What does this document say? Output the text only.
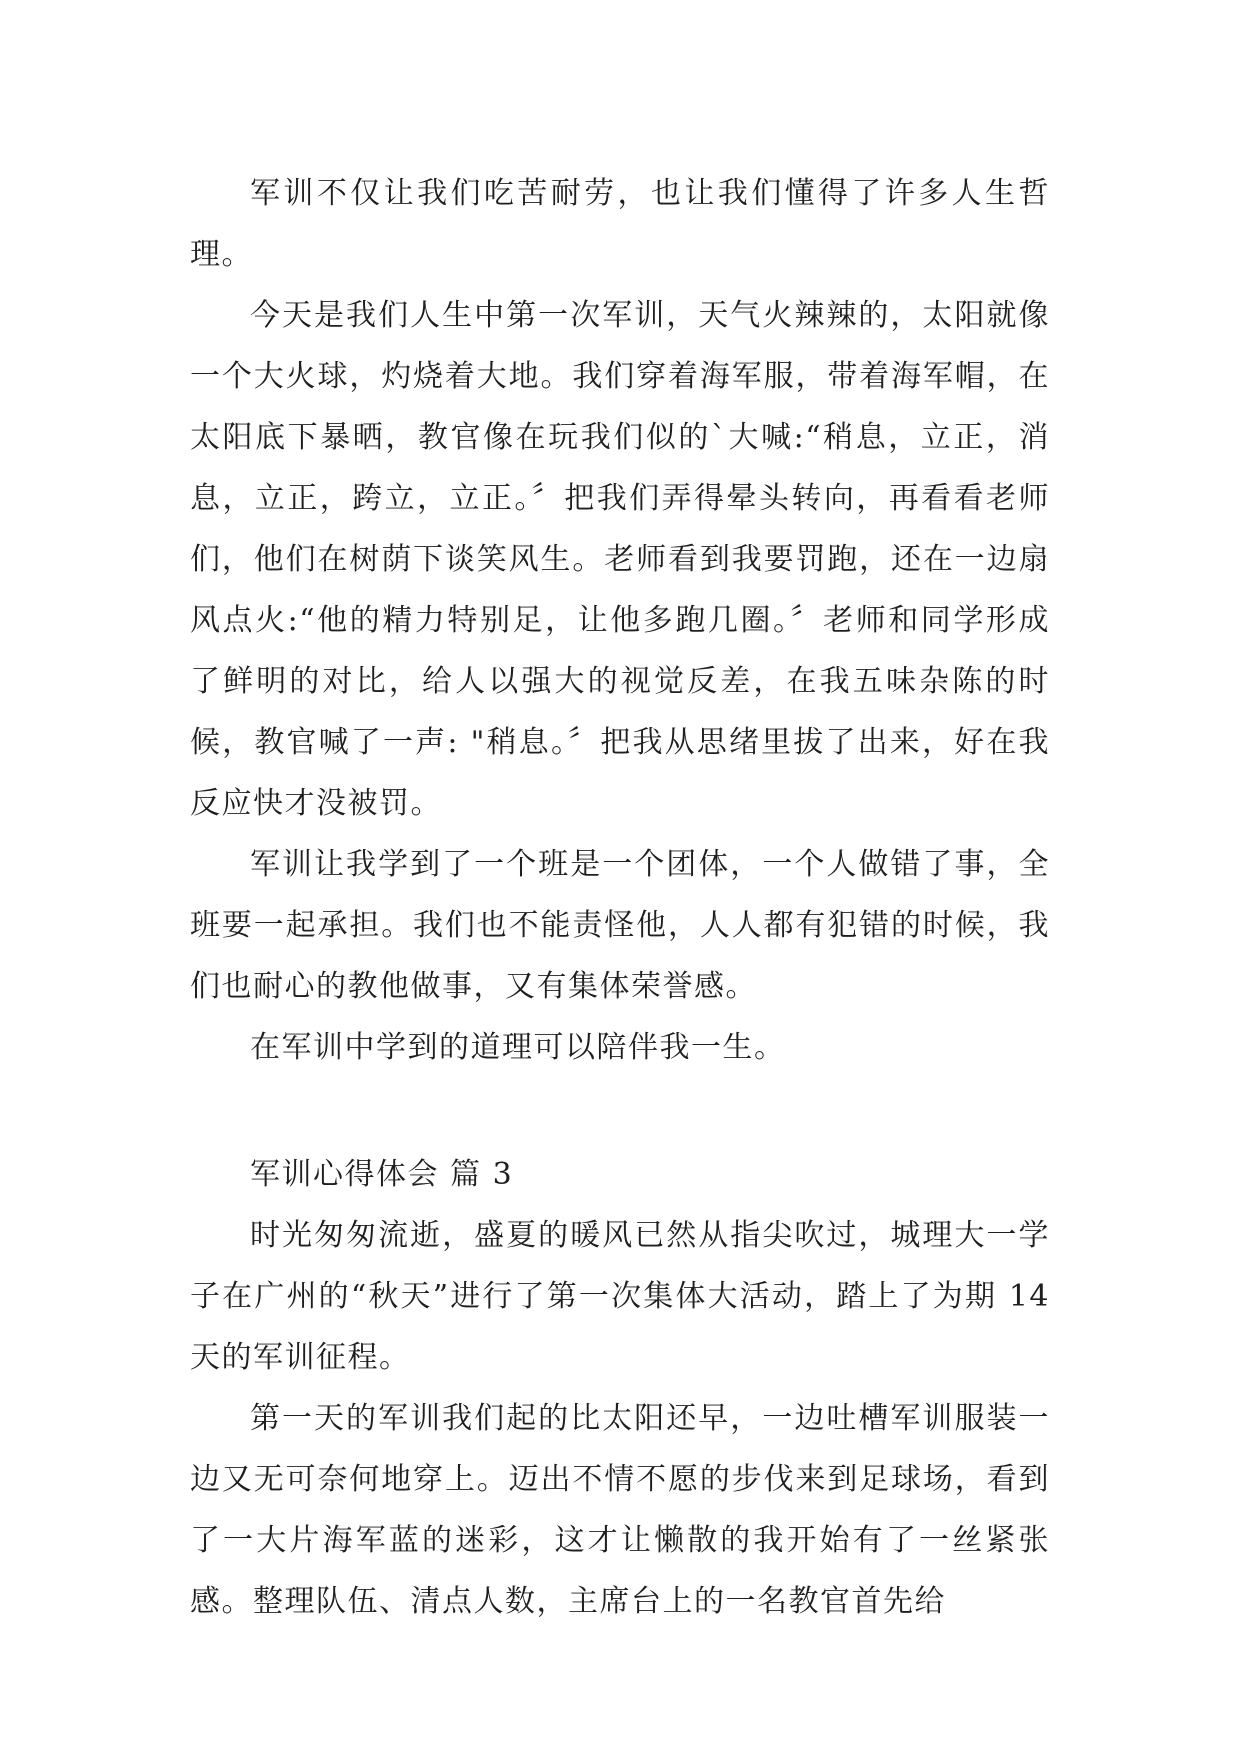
军训不仅让我们吃苦耐劳，也让我们懂得了许多人生哲理。

今天是我们人生中第一次军训，天气火辣辣的，太阳就像一个大火球，灼烧着大地。我们穿着海军服，带着海军帽，在太阳底下暴晒，教官像在玩我们似的`大喊:“稍息，立正，消息，立正，跨立，立正。〞把我们弄得晕头转向，再看看老师们，他们在树荫下谈笑风生。老师看到我要罚跑，还在一边扇风点火:“他的精力特别足，让他多跑几圈。〞老师和同学形成了鲜明的对比，给人以强大的视觉反差，在我五味杂陈的时候，教官喊了一声: "稍息。〞把我从思绪里拔了出来，好在我反应快才没被罚。

军训让我学到了一个班是一个团体，一个人做错了事，全班要一起承担。我们也不能责怪他，人人都有犯错的时候，我们也耐心的教他做事，又有集体荣誉感。

在军训中学到的道理可以陪伴我一生。

军训心得体会 篇 3

时光匆匆流逝，盛夏的暖风已然从指尖吹过，城理大一学子在广州的“秋天”进行了第一次集体大活动，踏上了为期 14 天的军训征程。

第一天的军训我们起的比太阳还早，一边吐槽军训服装一边又无可奈何地穿上。迈出不情不愿的步伐来到足球场，看到了一大片海军蓝的迷彩，这才让懒散的我开始有了一丝紧张感。整理队伍、清点人数，主席台上的一名教官首先给
